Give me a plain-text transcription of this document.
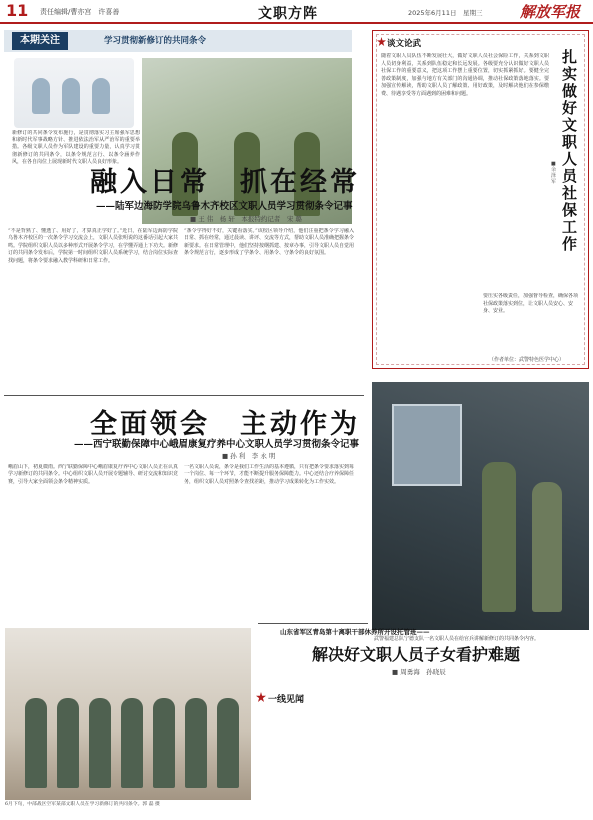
11 责任编辑/曹亦宫　许喜善	文职方阵	2025年6月11日　星期三	解放军报
本期关注	学习贯彻新修订的共同条令
新修订的共同条令发布施行，是贯彻落实习主席强军思想和新时代军事战略方针、推进依法治军从严治军的重要举措。各级文职人员作为军队建设的重要力量，认真学习贯彻新修订的共同条令，以条令规范言行、以条令涵养作风，在各自岗位上展现新时代文职人员良好形象。
融入日常　抓在经常
——陆军边海防学院乌鲁木齐校区文职人员学习贯彻条令记事
■ 王 伟　杨 轩　本报特约记者　宋 璐
“不是背熟了、懂透了、用好了，才算真正学好了。”近日，在陆军边海防学院乌鲁木齐校区的一次条令学习交流会上，文职人员张明说的这番话引起大家共鸣。学院组织文职人员以多种形式开展条令学习，在学懂弄通上下功夫。新修订的共同条令发布后，学院第一时间组织文职人员系统学习，结合岗位实际查找问题，将条令要求融入教学科研和日常工作。
“条令学得好不好，关键看落实。”该校区领导介绍，他们注重把条令学习融入日常、抓在经常，通过晨读、讲评、交流等方式，帮助文职人员准确把握条令新要求。在日常管理中，他们坚持按纲抓建、按章办事，引导文职人员自觉用条令规范言行，逐步形成了学条令、用条令、守条令的良好氛围。
全面领会　主动作为
——西宁联勤保障中心峨眉康复疗养中心文职人员学习贯彻条令记事
■ 孙 利　李 永 明
峨眉山下，初夏微雨。西宁联勤保障中心峨眉康复疗养中心文职人员正在认真学习新修订的共同条令。中心组织文职人员开展专题辅导、研讨交流和知识竞赛，引导大家全面领会条令精神实质。
一名文职人员说，条令是我们工作生活的基本遵循，只有把条令要求落实到每一个岗位、每一个环节，才能不断提升服务保障能力。中心还结合疗养保障任务，组织文职人员对照条令查找差距，推动学习成果转化为工作实效。
谈文论武
扎实做好文职人员社保工作
■余泽军
随着文职人员队伍不断发展壮大，做好文职人员社会保险工作，关系到文职人员切身利益，关系到队伍稳定和长远发展。各级要充分认识做好文职人员社保工作的重要意义，把这项工作摆上重要位置，切实抓紧抓好。要健全完善政策制度，加强与地方有关部门的沟通协调，推动社保政策落地落实。要加强宣传解读，帮助文职人员了解政策、用好政策，及时解决他们在参保缴费、待遇享受等方面遇到的困难和问题。
要压实各级责任，加强督导检查，确保各项社保政策落实到位，让文职人员安心、安身、安业。
（作者单位：武警特色医学中心）
武警福建总队宁德支队一名文职人员在给官兵讲解新修订的共同条令内容。
山东省军区青岛第十离职干部休养所开设托管班——
解决好文职人员子女看护难题
■ 周勇海　孙晓辰
6月下旬，中部战区空军某部文职人员在学习新修订的共同条令。郭 磊 摄
一线见闻
